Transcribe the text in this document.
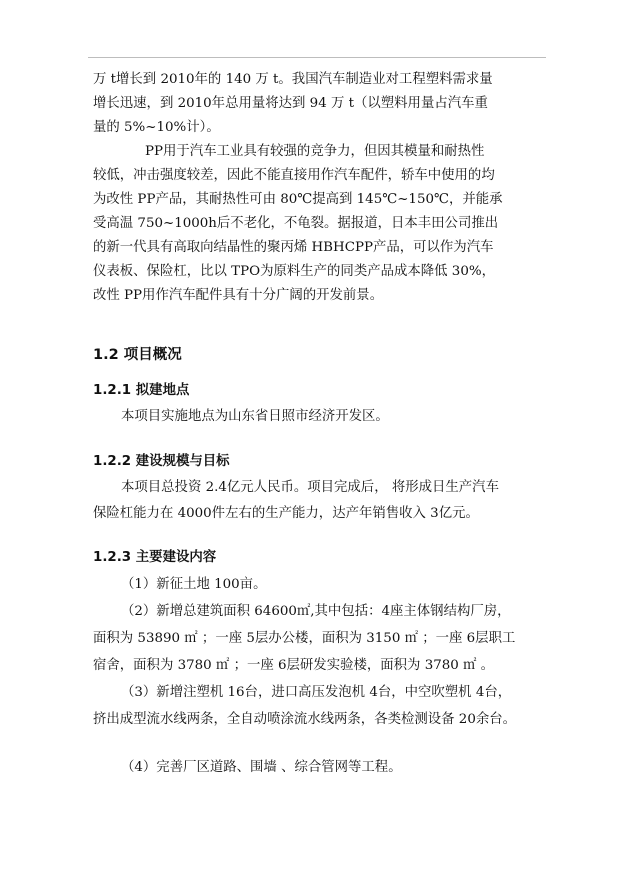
万 t增长到 2010年的 140 万 t。我国汽车制造业对工程塑料需求量

增长迅速，到 2010年总用量将达到 94 万 t（以塑料用量占汽车重

量的 5%~10%计）。

PP用于汽车工业具有较强的竞争力，但因其模量和耐热性

较低，冲击强度较差，因此不能直接用作汽车配件，轿车中使用的均

为改性 PP产品，其耐热性可由 80℃提高到 145℃~150℃，并能承

受高温 750~1000h后不老化，不龟裂。据报道，日本丰田公司推出

的新一代具有高取向结晶性的聚丙烯 HBHCPP产品，可以作为汽车

仪表板、保险杠，比以 TPO为原料生产的同类产品成本降低 30%，

改性 PP用作汽车配件具有十分广阔的开发前景。

1.2 项目概况
1.2.1 拟建地点

本项目实施地点为山东省日照市经济开发区。

1.2.2 建设规模与目标

本项目总投资 2.4亿元人民币。项目完成后， 将形成日生产汽车

保险杠能力在 4000件左右的生产能力，达产年销售收入 3亿元。

1.2.3 主要建设内容

（1）新征土地 100亩。

（2）新增总建筑面积 64600㎡,其中包括：4座主体钢结构厂房，

面积为 53890 ㎡ ；一座 5层办公楼，面积为 3150 ㎡ ；一座 6层职工

宿舍，面积为 3780 ㎡ ；一座 6层研发实验楼，面积为 3780 ㎡ 。

（3）新增注塑机 16台，进口高压发泡机 4台，中空吹塑机 4台，

挤出成型流水线两条，全自动喷涂流水线两条，各类检测设备 20余台。

（4）完善厂区道路、围墙 、综合管网等工程。
